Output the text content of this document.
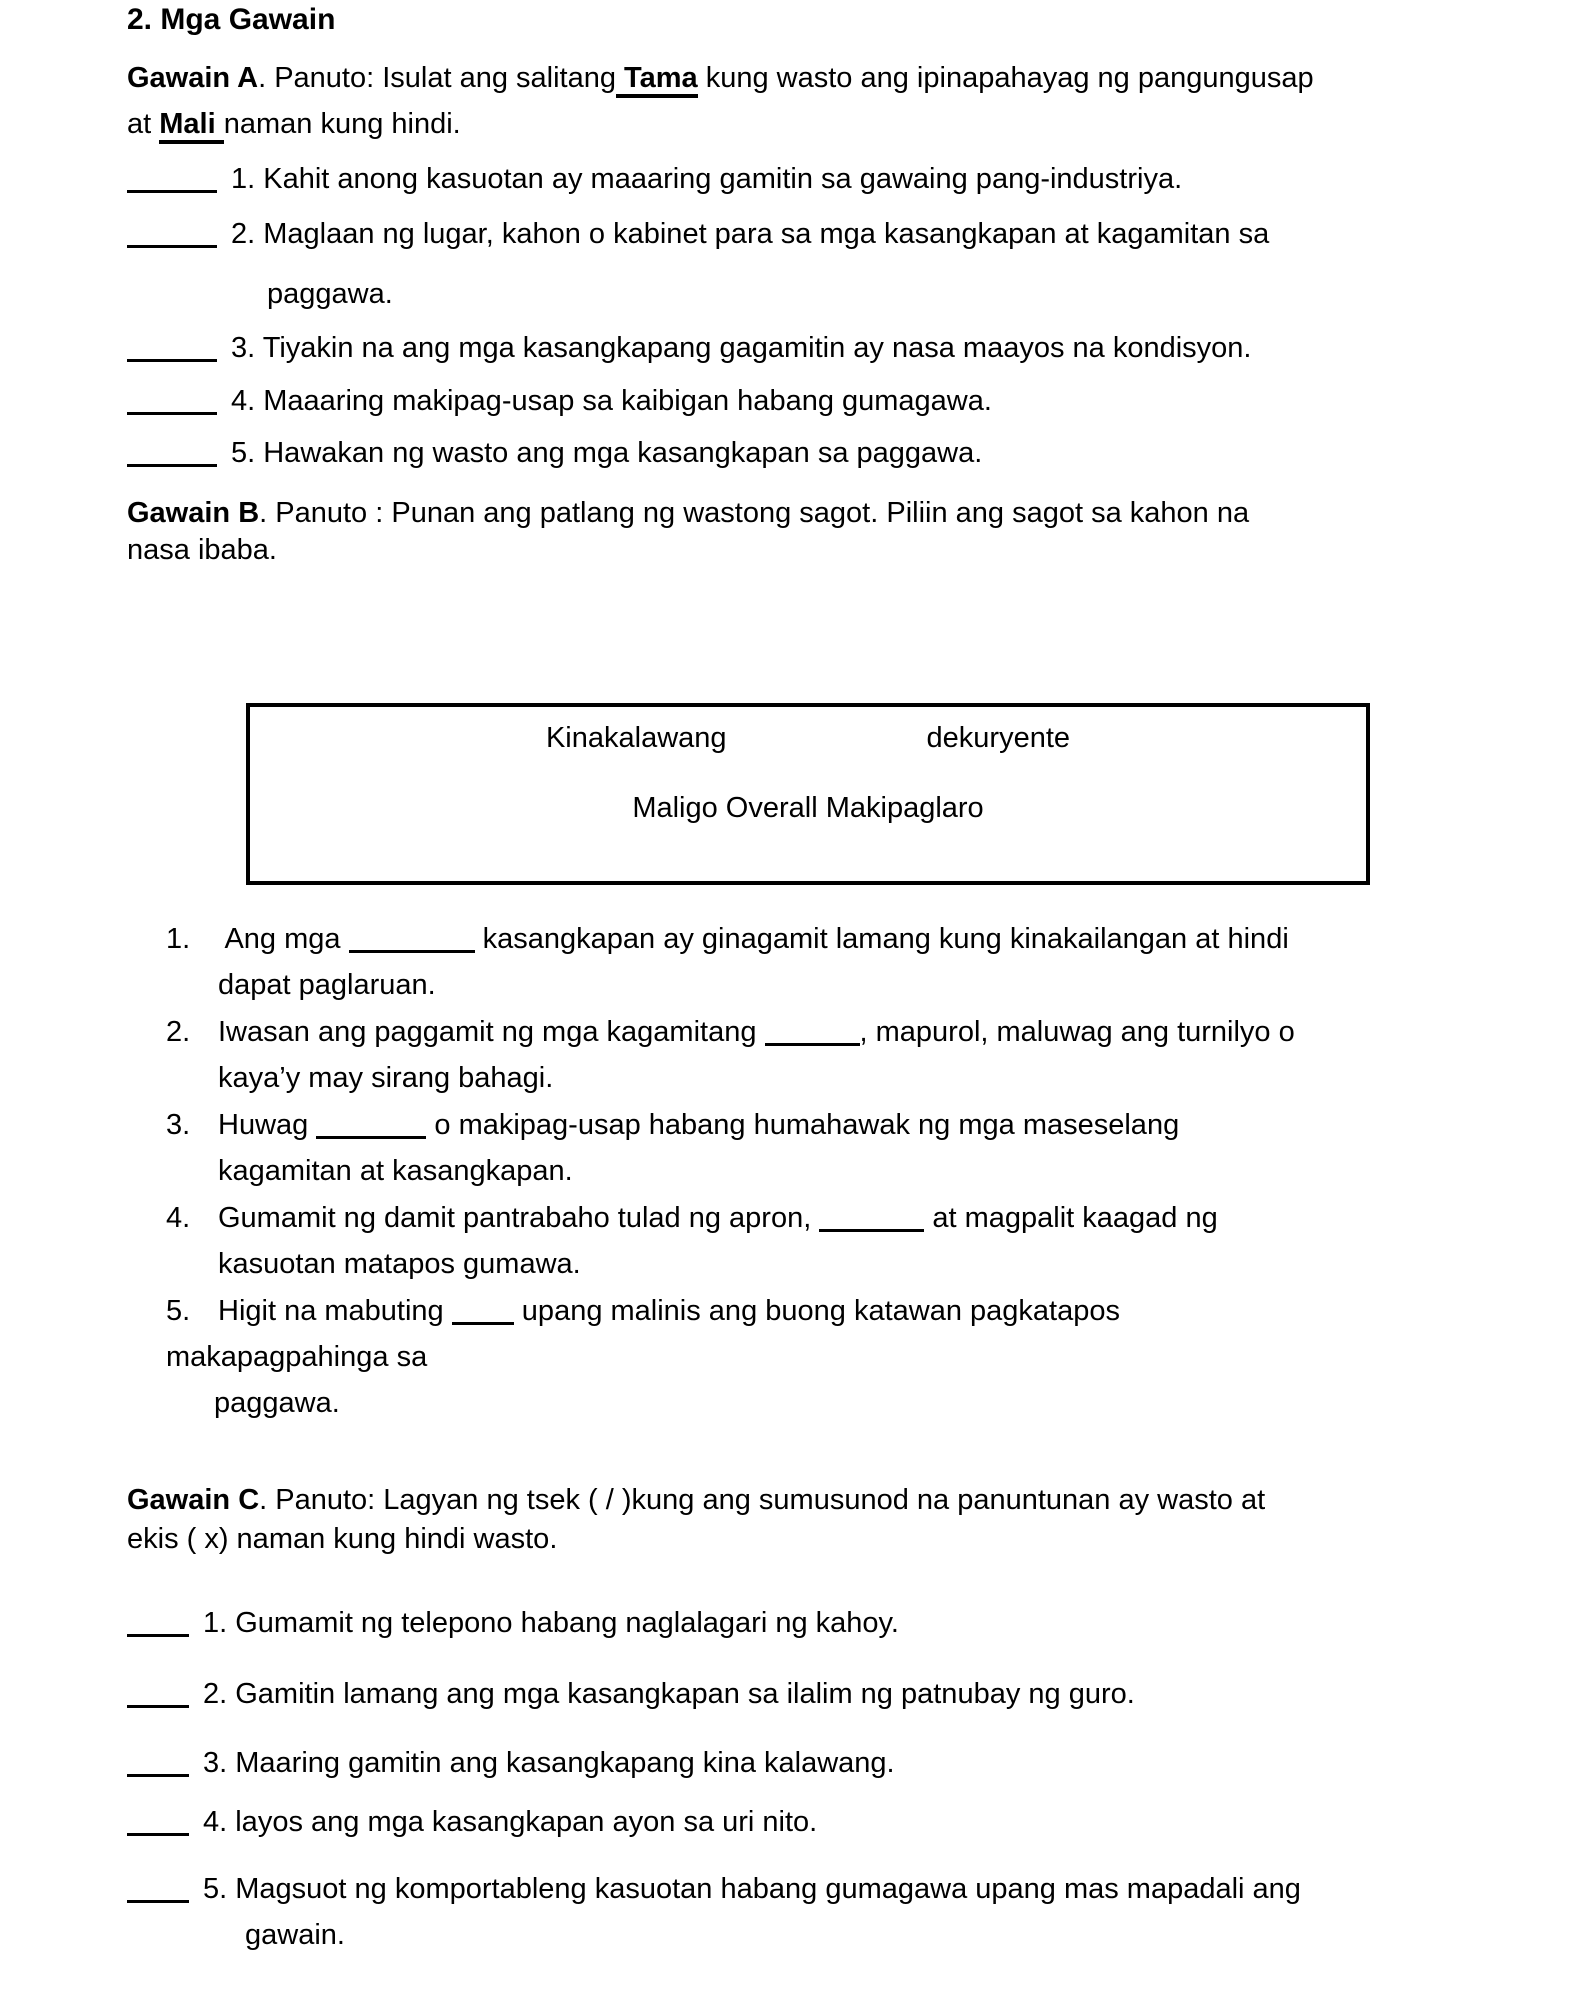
2. Mga Gawain
Gawain A. Panuto: Isulat ang salitang Tama kung wasto ang ipinapahayag ng pangungusap
at Mali naman kung hindi.
1. Kahit anong kasuotan ay maaaring gamitin sa gawaing pang-industriya.
2. Maglaan ng lugar, kahon o kabinet para sa mga kasangkapan at kagamitan sa
paggawa.
3. Tiyakin na ang mga kasangkapang gagamitin ay nasa maayos na kondisyon.
4. Maaaring makipag-usap sa kaibigan habang gumagawa.
5. Hawakan ng wasto ang mga kasangkapan sa paggawa.
Gawain B. Panuto : Punan ang patlang ng wastong sagot. Piliin ang sagot sa kahon na
nasa ibaba.
Kinakalawang	dekuryente
Maligo Overall Makipaglaro
1. Ang mga	kasangkapan ay ginagamit lamang kung kinakailangan at hindi
dapat paglaruan.
2. Iwasan ang paggamit ng mga kagamitang	, mapurol, maluwag ang turnilyo o
kaya’y may sirang bahagi.
3. Huwag	o makipag-usap habang humahawak ng mga maseselang
kagamitan at kasangkapan.
4. Gumamit ng damit pantrabaho tulad ng apron,	at magpalit kaagad ng
kasuotan matapos gumawa.
5. Higit na mabuting  upang malinis ang buong katawan pagkatapos
makapagpahinga sa
paggawa.
Gawain C. Panuto: Lagyan ng tsek ( / )kung ang sumusunod na panuntunan ay wasto at
ekis ( x) naman kung hindi wasto.
1. Gumamit ng telepono habang naglalagari ng kahoy.
2. Gamitin lamang ang mga kasangkapan sa ilalim ng patnubay ng guro.
3. Maaring gamitin ang kasangkapang kina kalawang.
4. layos ang mga kasangkapan ayon sa uri nito.
5. Magsuot ng komportableng kasuotan habang gumagawa upang mas mapadali ang
gawain.
